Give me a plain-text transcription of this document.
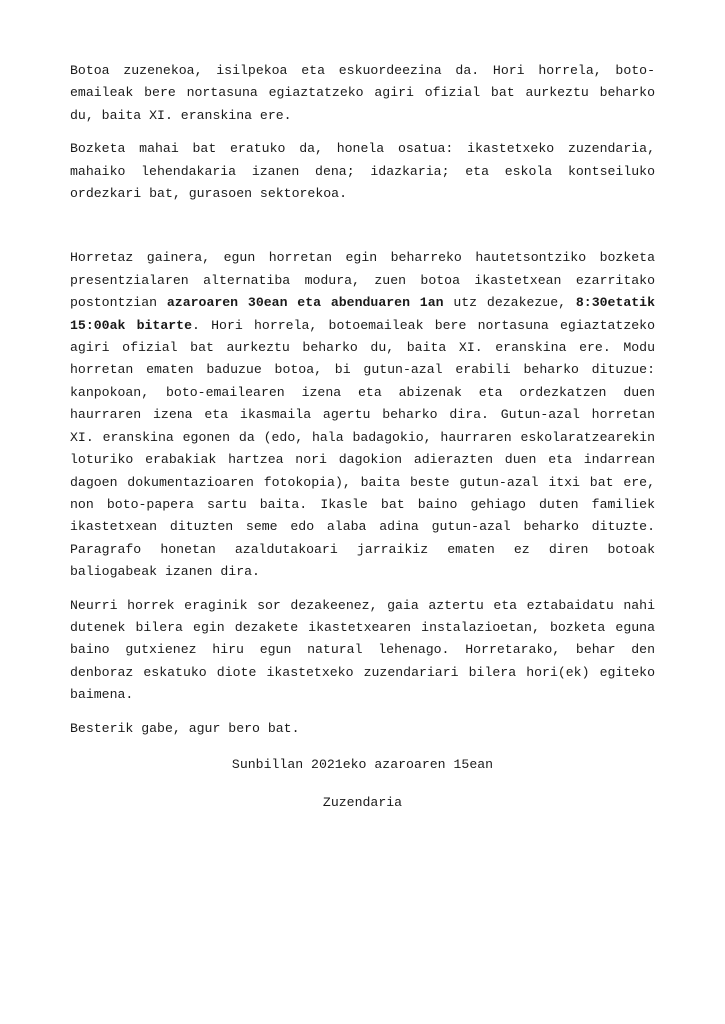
Botoa zuzenekoa, isilpekoa eta eskuordeezina da. Hori horrela, boto-emaileak bere nortasuna egiaztatzeko agiri ofizial bat aurkeztu beharko du, baita XI. eranskina ere.

Bozketa mahai bat eratuko da, honela osatua: ikastetxeko zuzendaria, mahaiko lehendakaria izanen dena; idazkaria; eta eskola kontseiluko ordezkari bat, gurasoen sektorekoa.

Horretaz gainera, egun horretan egin beharreko hautetsontziko bozketa presentzialaren alternatiba modura, zuen botoa ikastetxean ezarritako postontzian azaroaren 30ean eta abenduaren 1an utz dezakezue, 8:30etatik 15:00ak bitarte. Hori horrela, botoemaileak bere nortasuna egiaztatzeko agiri ofizial bat aurkeztu beharko du, baita XI. eranskina ere. Modu horretan ematen baduzue botoa, bi gutun-azal erabili beharko dituzue: kanpokoan, boto-emailearen izena eta abizenak eta ordezkatzen duen haurraren izena eta ikasmaila agertu beharko dira. Gutun-azal horretan XI. eranskina egonen da (edo, hala badagokio, haurraren eskolaratzearekin loturiko erabakiak hartzea nori dagokion adierazten duen eta indarrean dagoen dokumentazioaren fotokopia), baita beste gutun-azal itxi bat ere, non boto-papera sartu baita. Ikasle bat baino gehiago duten familiek ikastetxean dituzten seme edo alaba adina gutun-azal beharko dituzte. Paragrafo honetan azaldutakoari jarraikiz ematen ez diren botoak baliogabeak izanen dira.

Neurri horrek eraginik sor dezakeenez, gaia aztertu eta eztabaidatu nahi dutenek bilera egin dezakete ikastetxearen instalazioetan, bozketa eguna baino gutxienez hiru egun natural lehenago. Horretarako, behar den denboraz eskatuko diote ikastetxeko zuzendariari bilera hori(ek) egiteko baimena.

Besterik gabe, agur bero bat.

Sunbillan 2021eko azaroaren 15ean

Zuzendaria
